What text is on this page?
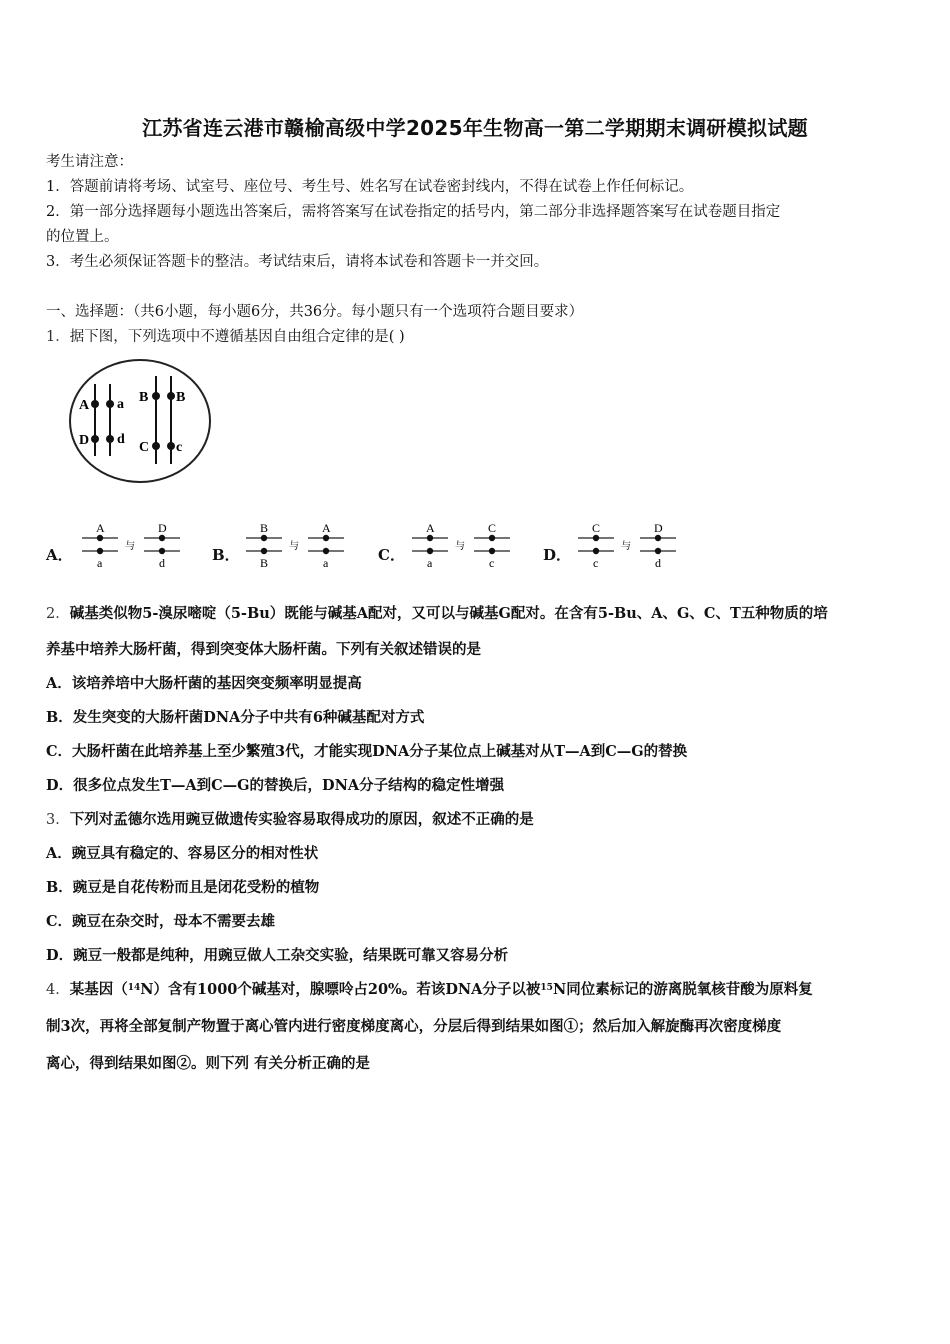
江苏省连云港市赣榆高级中学2025年生物高一第二学期期末调研模拟试题
考生请注意：
1．答题前请将考场、试室号、座位号、考生号、姓名写在试卷密封线内，不得在试卷上作任何标记。
2．第一部分选择题每小题选出答案后，需将答案写在试卷指定的括号内，第二部分非选择题答案写在试卷题目指定
的位置上。
3．考生必须保证答题卡的整洁。考试结束后，请将本试卷和答题卡一并交回。
一、选择题：（共6小题，每小题6分，共36分。每小题只有一个选项符合题目要求）
1．据下图，下列选项中不遵循基因自由组合定律的是( )
A a
D d
B B
C c
A．
A
a
与
D
d	B．
B
B
与
A
a	C．
A
a
与
C
c	D．
C
c
与
D
d
2．碱基类似物5-溴尿嘧啶（5-Bu）既能与碱基A配对，又可以与碱基G配对。在含有5-Bu、A、G、C、T五种物质的培
养基中培养大肠杆菌，得到突变体大肠杆菌。下列有关叙述错误的是
A．该培养培中大肠杆菌的基因突变频率明显提高
B．发生突变的大肠杆菌DNA分子中共有6种碱基配对方式
C．大肠杆菌在此培养基上至少繁殖3代，才能实现DNA分子某位点上碱基对从T—A到C—G的替换
D．很多位点发生T—A到C—G的替换后，DNA分子结构的稳定性增强
3．下列对孟德尔选用豌豆做遗传实验容易取得成功的原因，叙述不正确的是
A．豌豆具有稳定的、容易区分的相对性状
B．豌豆是自花传粉而且是闭花受粉的植物
C．豌豆在杂交时，母本不需要去雄
D．豌豆一般都是纯种，用豌豆做人工杂交实验，结果既可靠又容易分析
4．某基因（$^{14}$N）含有1000个碱基对，腺嘌呤占20%。若该DNA分子以被$^{15}$N同位素标记的游离脱氧核苷酸为原料复
制3次，再将全部复制产物置于离心管内进行密度梯度离心，分层后得到结果如图①；然后加入解旋酶再次密度梯度
离心，得到结果如图②。则下列 有关分析正确的是
